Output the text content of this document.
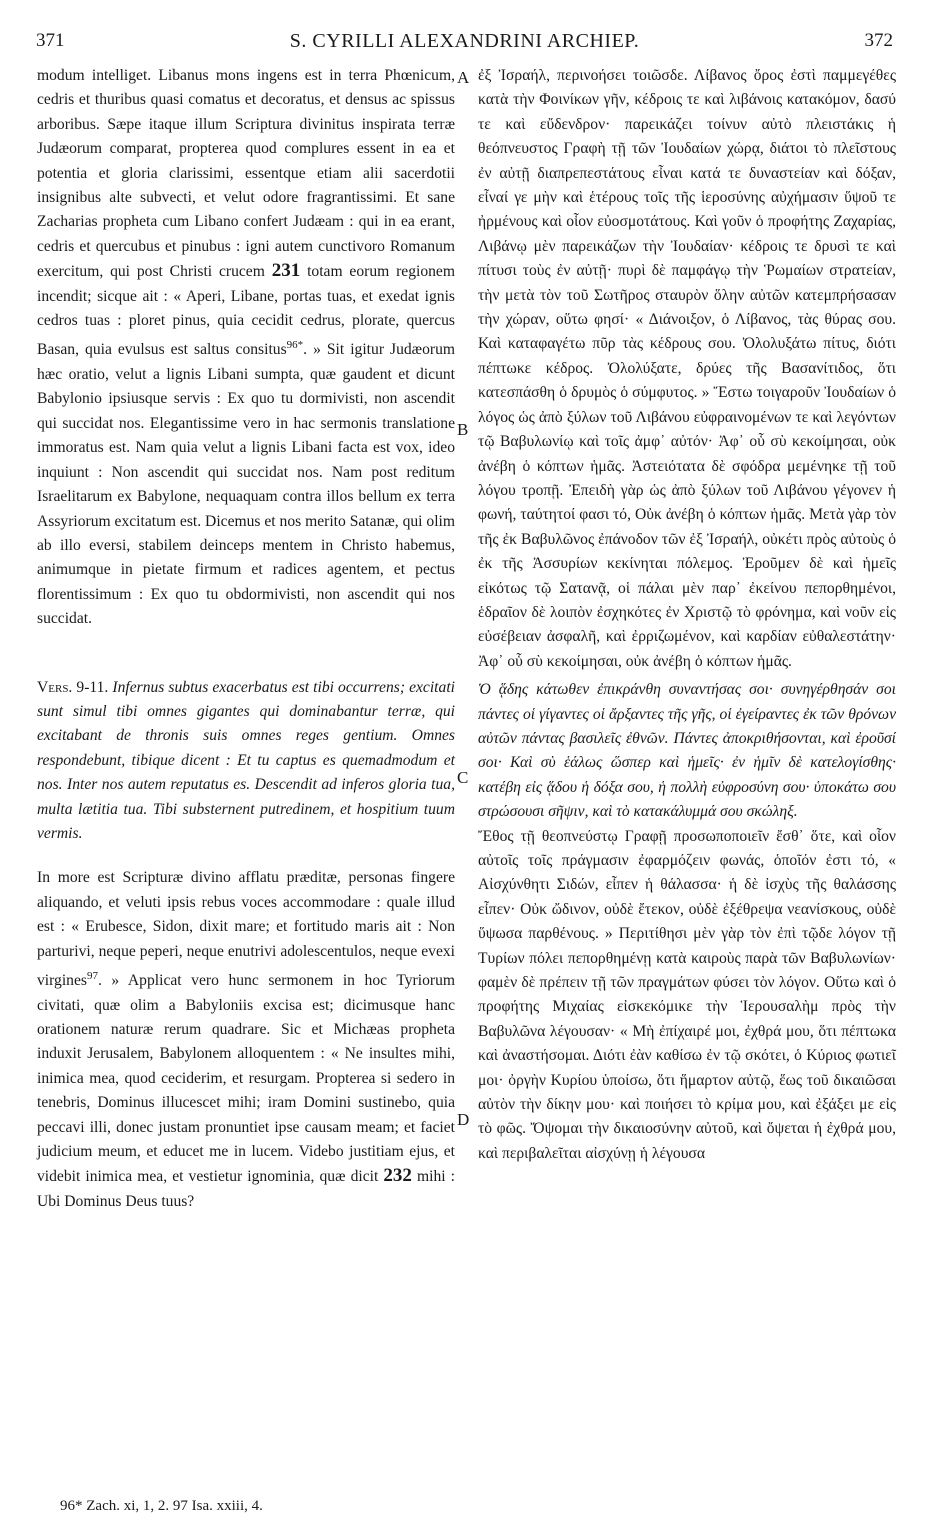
371	S. CYRILLI ALEXANDRINI ARCHIEP.	372
A
B
C
D

modum intelliget. Libanus mons ingens est in terra Phœnicum, cedris et thuribus quasi comatus et decoratus, et densus ac spissus arboribus. Sæpe itaque illum Scriptura divinitus inspirata terræ Judæorum comparat, propterea quod complures essent in ea et potentia et gloria clarissimi, essentque etiam alii sacerdotii insignibus alte subvecti, et velut odore fragrantissimi. Et sane Zacharias propheta cum Libano confert Judæam : qui in ea erant, cedris et quercubus et pinubus : igni autem cunctivoro Romanum exercitum, qui post Christi crucem 231 totam eorum regionem incendit; sicque ait : « Aperi, Libane, portas tuas, et exedat ignis cedros tuas : ploret pinus, quia cecidit cedrus, plorate, quercus Basan, quia evulsus est saltus consitus$^{96*}$. » Sit igitur Judæorum hæc oratio, velut a lignis Libani sumpta, quæ gaudent et dicunt Babylonio ipsiusque servis : Ex quo tu dormivisti, non ascendit qui succidat nos. Elegantissime vero in hac sermonis translatione immoratus est. Nam quia velut a lignis Libani facta est vox, ideo inquiunt : Non ascendit qui succidat nos. Nam post reditum Israelitarum ex Babylone, nequaquam contra illos bellum ex terra Assyriorum excitatum est. Dicemus et nos merito Satanæ, qui olim ab illo eversi, stabilem deinceps mentem in Christo habemus, animumque in pietate firmum et radices agentem, et pectus florentissimum : Ex quo tu obdormivisti, non ascendit qui nos succidat.

Vers. 9-11. Infernus subtus exacerbatus est tibi occurrens; excitati sunt simul tibi omnes gigantes qui dominabantur terræ, qui excitabant de thronis suis omnes reges gentium. Omnes respondebunt, tibique dicent : Et tu captus es quemadmodum et nos. Inter nos autem reputatus es. Descendit ad inferos gloria tua, multa lætitia tua. Tibi substernent putredinem, et hospitium tuum vermis.

In more est Scripturæ divino afflatu præditæ, personas fingere aliquando, et veluti ipsis rebus voces accommodare : quale illud est : « Erubesce, Sidon, dixit mare; et fortitudo maris ait : Non parturivi, neque peperi, neque enutrivi adolescentulos, neque evexi virgines$^{97}$. » Applicat vero hunc sermonem in hoc Tyriorum civitati, quæ olim a Babyloniis excisa est; dicimusque hanc orationem naturæ rerum quadrare. Sic et Michæas propheta induxit Jerusalem, Babylonem alloquentem : « Ne insultes mihi, inimica mea, quod ceciderim, et resurgam. Propterea si sedero in tenebris, Dominus illucescet mihi; iram Domini sustinebo, quia peccavi illi, donec justam pronuntiet ipse causam meam; et faciet judicium meum, et educet me in lucem. Videbo justitiam ejus, et videbit inimica mea, et vestietur ignominia, quæ dicit 232 mihi : Ubi Dominus Deus tuus?

ἐξ Ἰσραήλ, περινοήσει τοιῶσδε. Λίβανος ὄρος ἐστὶ παμμεγέθες κατὰ τὴν Φοινίκων γῆν, κέδροις τε καὶ λιβάνοις κατακόμον, δασύ τε καὶ εὔδενδρον· παρεικάζει τοίνυν αὐτὸ πλειστάκις ἡ θεόπνευστος Γραφὴ τῇ τῶν Ἰουδαίων χώρᾳ, διάτοι τὸ πλεῖστους ἐν αὐτῇ διαπρεπεστάτους εἶναι κατά τε δυναστείαν καὶ δόξαν, εἶναί γε μὴν καὶ ἑτέρους τοῖς τῆς ἱεροσύνης αὐχήμασιν ὕψοῦ τε ἠρμένους καὶ οἷον εὐοσμοτάτους. Καὶ γοῦν ὁ προφήτης Ζαχαρίας, Λιβάνῳ μὲν παρεικάζων τὴν Ἰουδαίαν· κέδροις τε δρυσὶ τε καὶ πίτυσι τοὺς ἐν αὐτῇ· πυρὶ δὲ παμφάγῳ τὴν Ῥωμαίων στρατείαν, τὴν μετὰ τὸν τοῦ Σωτῆρος σταυρὸν ὅλην αὐτῶν κατεμπρήσασαν τὴν χώραν, οὕτω φησί· « Διάνοιξον, ὁ Λίβανος, τὰς θύρας σου. Καὶ καταφαγέτω πῦρ τὰς κέδρους σου. Ὀλολυξάτω πίτυς, διότι πέπτωκε κέδρος. Ὀλολύξατε, δρύες τῆς Βασανίτιδος, ὅτι κατεσπάσθη ὁ δρυμὸς ὁ σύμφυτος. » Ἔστω τοιγαροῦν Ἰουδαίων ὁ λόγος ὡς ἀπὸ ξύλων τοῦ Λιβάνου εὐφραινομένων τε καὶ λεγόντων τῷ Βαβυλωνίῳ καὶ τοῖς ἀμφ᾽ αὐτόν· Ἀφ᾽ οὗ σὺ κεκοίμησαι, οὐκ ἀνέβη ὁ κόπτων ἡμᾶς. Ἀστειότατα δὲ σφόδρα μεμένηκε τῇ τοῦ λόγου τροπῇ. Ἐπειδὴ γὰρ ὡς ἀπὸ ξύλων τοῦ Λιβάνου γέγονεν ἡ φωνή, ταύτητοί φασι τό, Οὐκ ἀνέβη ὁ κόπτων ἡμᾶς. Μετὰ γὰρ τὸν τῆς ἐκ Βαβυλῶνος ἐπάνοδον τῶν ἐξ Ἰσραήλ, οὐκέτι πρὸς αὐτοὺς ὁ ἐκ τῆς Ἀσσυρίων κεκίνηται πόλεμος. Ἐροῦμεν δὲ καὶ ἡμεῖς εἰκότως τῷ Σατανᾷ, οἱ πάλαι μὲν παρ᾽ ἐκείνου πεπορθημένοι, ἑδραῖον δὲ λοιπὸν ἐσχηκότες ἐν Χριστῷ τὸ φρόνημα, καὶ νοῦν εἰς εὐσέβειαν ἀσφαλῆ, καὶ ἐρριζωμένον, καὶ καρδίαν εὐθαλεστάτην· Ἀφ᾽ οὗ σὺ κεκοίμησαι, οὐκ ἀνέβη ὁ κόπτων ἡμᾶς.

Ὁ ᾅδης κάτωθεν ἐπικράνθη συναντήσας σοι· συνηγέρθησάν σοι πάντες οἱ γίγαντες οἱ ἄρξαντες τῆς γῆς, οἱ ἐγείραντες ἐκ τῶν θρόνων αὐτῶν πάντας βασιλεῖς ἐθνῶν. Πάντες ἀποκριθήσονται, καὶ ἐροῦσί σοι· Καὶ σὺ ἑάλως ὥσπερ καὶ ἡμεῖς· ἐν ἡμῖν δὲ κατελογίσθης· κατέβη εἰς ᾅδου ἡ δόξα σου, ἡ πολλὴ εὐφροσύνη σου· ὑποκάτω σου στρώσουσι σῆψιν, καὶ τὸ κατακάλυμμά σου σκώληξ.

Ἔθος τῇ θεοπνεύστῳ Γραφῇ προσωποποιεῖν ἔσθ᾽ ὅτε, καὶ οἷον αὐτοῖς τοῖς πράγμασιν ἐφαρμόζειν φωνάς, ὁποῖόν ἐστι τό, « Αἰσχύνθητι Σιδών, εἶπεν ἡ θάλασσα· ἡ δὲ ἰσχὺς τῆς θαλάσσης εἶπεν· Οὐκ ὤδινον, οὐδὲ ἔτεκον, οὐδὲ ἐξέθρεψα νεανίσκους, οὐδὲ ὕψωσα παρθένους. » Περιτίθησι μὲν γὰρ τὸν ἐπὶ τῷδε λόγον τῇ Τυρίων πόλει πεπορθημένῃ κατὰ καιροὺς παρὰ τῶν Βαβυλωνίων· φαμὲν δὲ πρέπειν τῇ τῶν πραγμάτων φύσει τὸν λόγον. Οὕτω καὶ ὁ προφήτης Μιχαίας εἰσκεκόμικε τὴν Ἱερουσαλὴμ πρὸς τὴν Βαβυλῶνα λέγουσαν· « Μὴ ἐπίχαιρέ μοι, ἐχθρά μου, ὅτι πέπτωκα καὶ ἀναστήσομαι. Διότι ἐὰν καθίσω ἐν τῷ σκότει, ὁ Κύριος φωτιεῖ μοι· ὀργὴν Κυρίου ὑποίσω, ὅτι ἥμαρτον αὐτῷ, ἕως τοῦ δικαιῶσαι αὐτὸν τὴν δίκην μου· καὶ ποιήσει τὸ κρίμα μου, καὶ ἐξάξει με εἰς τὸ φῶς. Ὄψομαι τὴν δικαιοσύνην αὐτοῦ, καὶ ὄψεται ἡ ἐχθρά μου, καὶ περιβαλεῖται αἰσχύνῃ ἡ λέγουσα

96* Zach. xi, 1, 2. 97 Isa. xxiii, 4.
